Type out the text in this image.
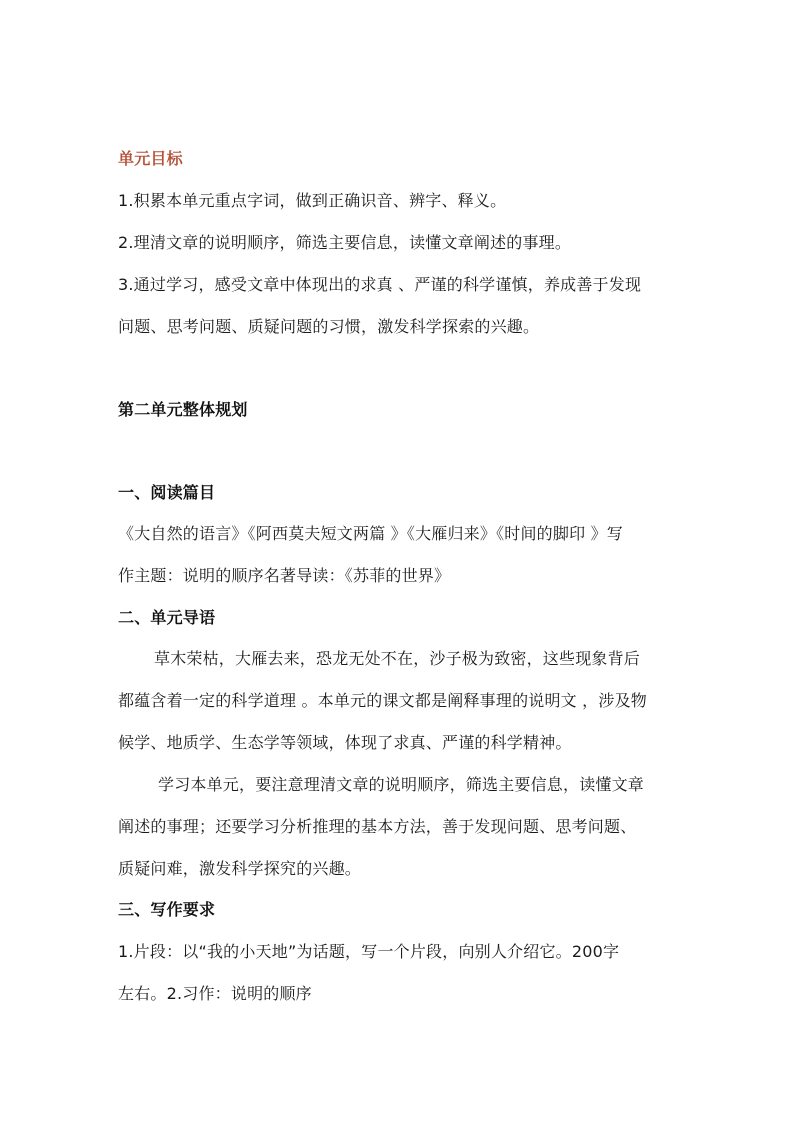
单元目标
1.积累本单元重点字词，做到正确识音、辨字、释义。
2.理清文章的说明顺序，筛选主要信息，读懂文章阐述的事理。
3.通过学习，感受文章中体现出的求真 、严谨的科学谨慎，养成善于发现
问题、思考问题、质疑问题的习惯，激发科学探索的兴趣。
第二单元整体规划
一、阅读篇目
《大自然的语言》《阿西莫夫短文两篇 》《大雁归来》《时间的脚印 》写
作主题：说明的顺序名著导读：《苏菲的世界》
二、单元导语
草木荣枯，大雁去来，恐龙无处不在，沙子极为致密，这些现象背后
都蕴含着一定的科学道理 。本单元的课文都是阐释事理的说明文 ，涉及物
候学、地质学、生态学等领域，体现了求真、严谨的科学精神。
学习本单元，要注意理清文章的说明顺序，筛选主要信息，读懂文章
阐述的事理；还要学习分析推理的基本方法，善于发现问题、思考问题、
质疑问难，激发科学探究的兴趣。
三、写作要求
1.片段：以“我的小天地”为话题，写一个片段，向别人介绍它。200字
左右。2.习作：说明的顺序
